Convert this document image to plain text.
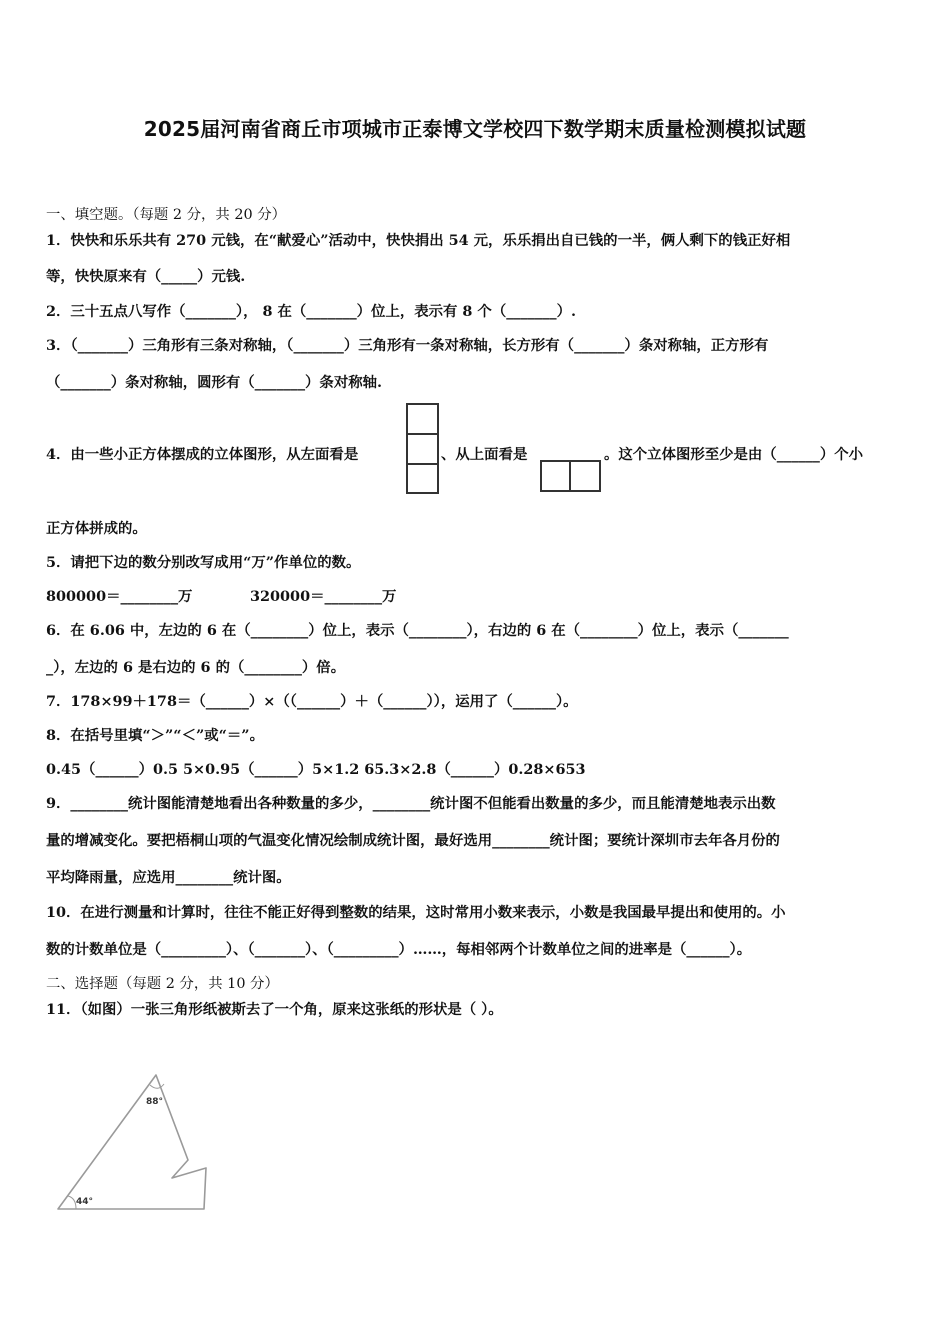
2025届河南省商丘市项城市正泰博文学校四下数学期末质量检测模拟试题
一、填空题。（每题 2 分，共 20 分）
1．快快和乐乐共有 270 元钱，在“献爱心”活动中，快快捐出 54 元，乐乐捐出自已钱的一半，俩人剩下的钱正好相
等，快快原来有（_____）元钱.
2．三十五点八写作（_______）， 8 在（_______）位上，表示有 8 个（_______）.
3．（_______）三角形有三条对称轴，（_______）三角形有一条对称轴，长方形有（_______）条对称轴，正方形有
（_______）条对称轴，圆形有（_______）条对称轴.
4．由一些小正方体摆成的立体图形，从左面看是	、从上面看是	。这个立体图形至少是由（______）个小
正方体拼成的。
5．请把下边的数分别改写成用“万”作单位的数。
800000＝________万	320000＝________万
6．在 6.06 中，左边的 6 在（________）位上，表示（________），右边的 6 在（________）位上，表示（_______
_），左边的 6 是右边的 6 的（________）倍。
7．178×99＋178＝（______）×（（______）＋（______）），运用了（______）。
8．在括号里填“＞”“＜”或“＝”。
0.45（______）0.5 5×0.95（______）5×1.2 65.3×2.8（______）0.28×653
9．________统计图能清楚地看出各种数量的多少，________统计图不但能看出数量的多少，而且能清楚地表示出数
量的增减变化。要把梧桐山项的气温变化情况绘制成统计图，最好选用________统计图；要统计深圳市去年各月份的
平均降雨量，应选用________统计图。
10．在进行测量和计算时，往往不能正好得到整数的结果，这时常用小数来表示，小数是我国最早提出和使用的。小
数的计数单位是（_________）、（_______）、（_________）……，每相邻两个计数单位之间的进率是（______）。
二、选择题（每题 2 分，共 10 分）
11．（如图）一张三角形纸被斯去了一个角，原来这张纸的形状是（ ）。
88°
44°
